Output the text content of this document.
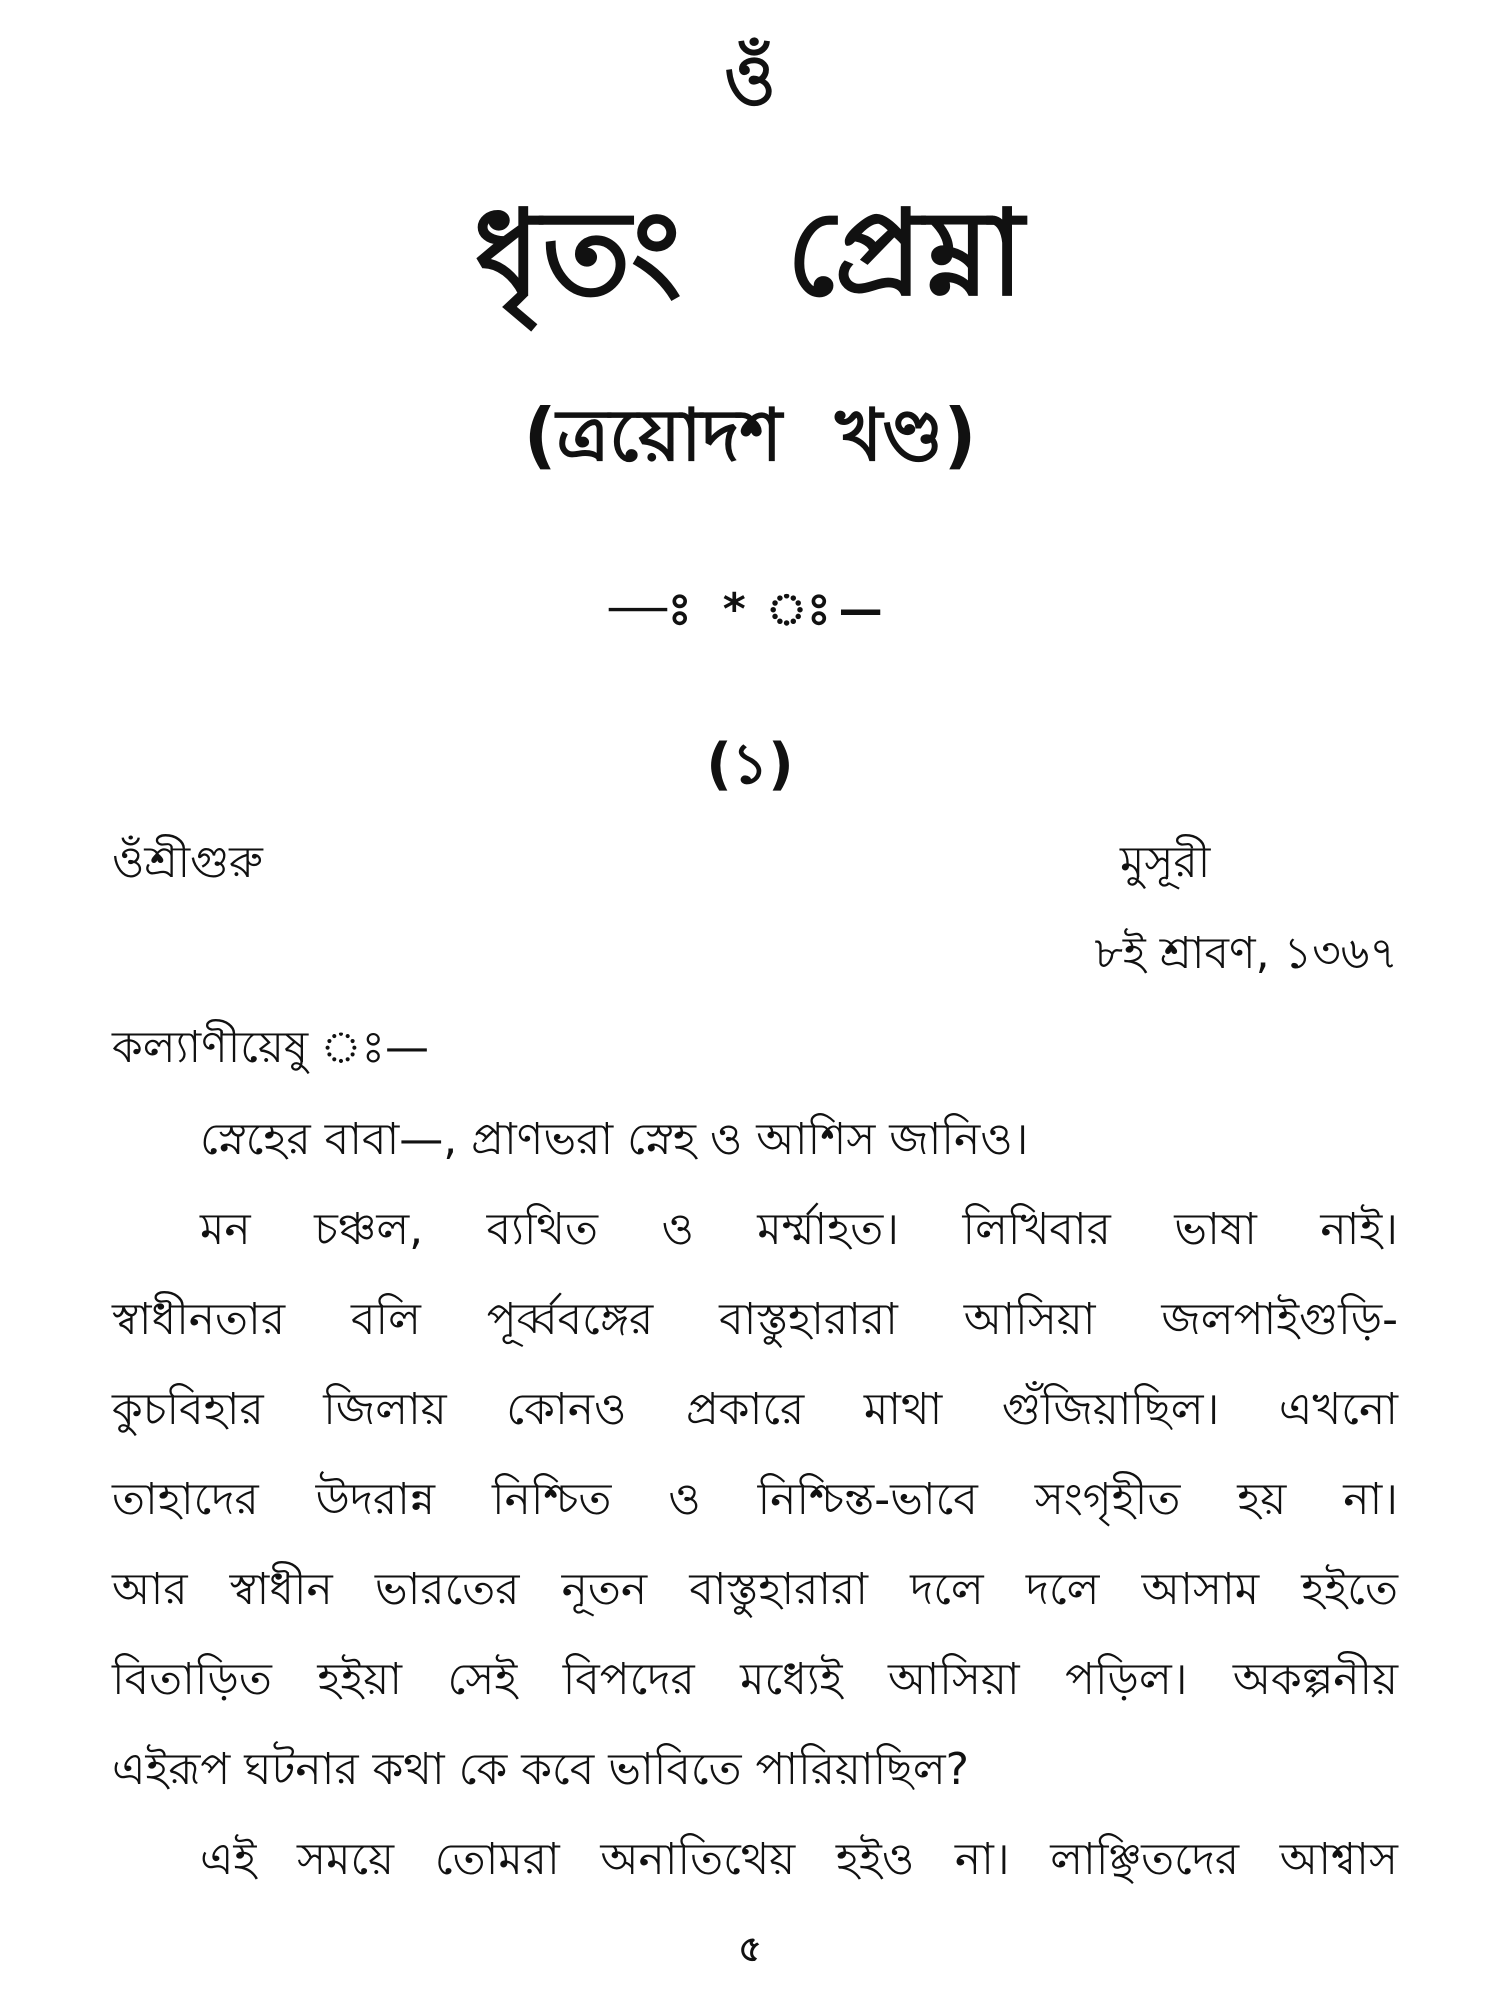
ওঁ
ধৃতং প্রেম্না
(ত্রয়োদশ খণ্ড)
—ঃ * ঃ—
(১)
ওঁশ্রীগুরু	মুসূরী
৮ই শ্রাবণ, ১৩৬৭
কল্যাণীয়েষু ঃ—
স্নেহের বাবা—, প্রাণভরা স্নেহ ও আশিস জানিও।
মন চঞ্চল, ব্যথিত ও মর্ম্মাহত। লিখিবার ভাষা নাই।
স্বাধীনতার বলি পূর্ব্ববঙ্গের বাস্তুহারারা আসিয়া জলপাইগুড়ি-
কুচবিহার জিলায় কোনও প্রকারে মাথা গুঁজিয়াছিল। এখনো
তাহাদের উদরান্ন নিশ্চিত ও নিশ্চিন্ত-ভাবে সংগৃহীত হয় না।
আর স্বাধীন ভারতের নূতন বাস্তুহারারা দলে দলে আসাম হইতে
বিতাড়িত হইয়া সেই বিপদের মধ্যেই আসিয়া পড়িল। অকল্পনীয়
এইরূপ ঘটনার কথা কে কবে ভাবিতে পারিয়াছিল?
এই সময়ে তোমরা অনাতিথেয় হইও না। লাঞ্ছিতদের আশ্বাস
৫
